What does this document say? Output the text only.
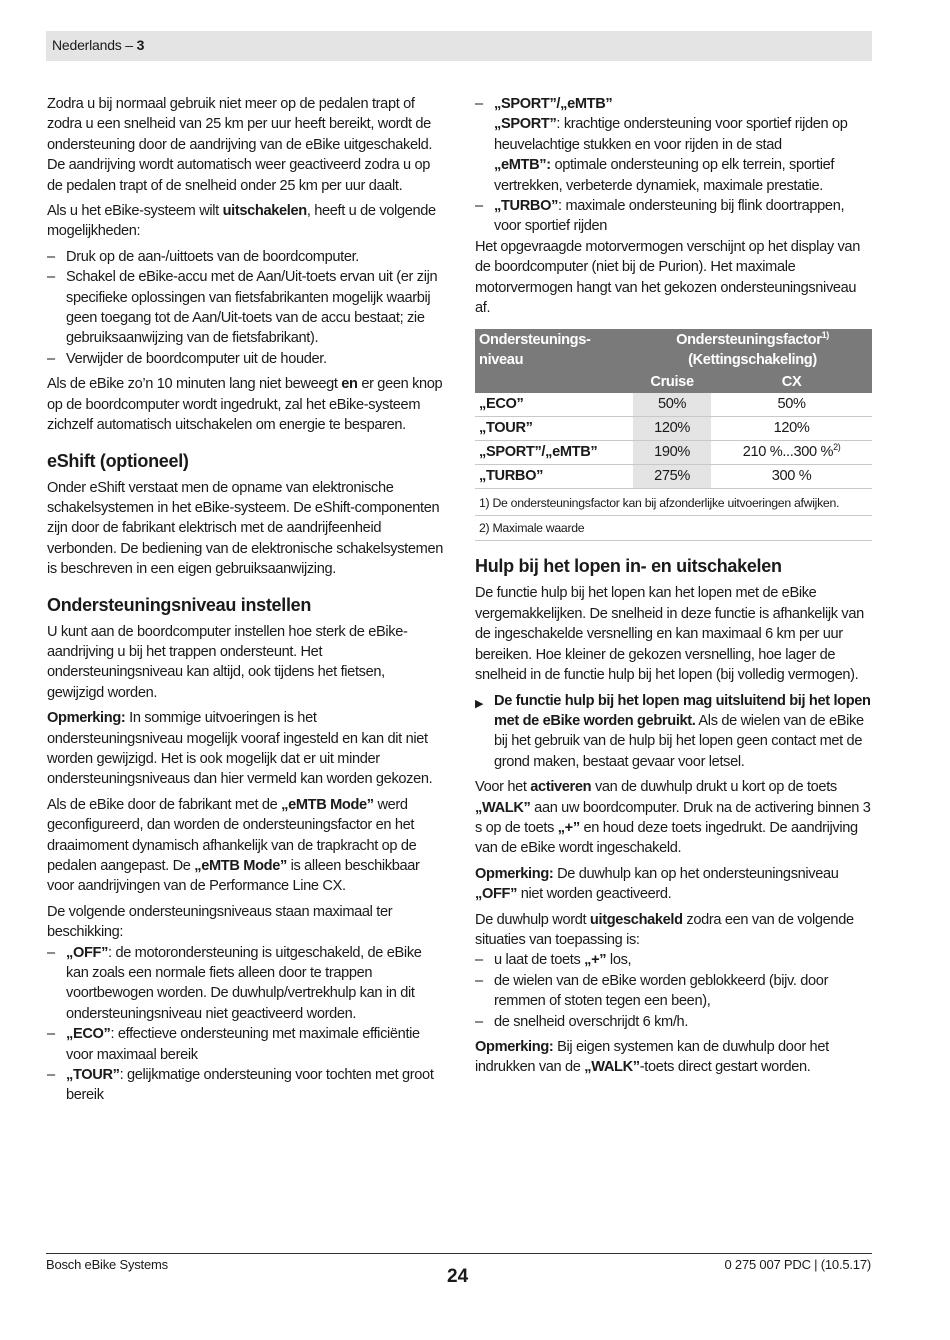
Nederlands – 3

Zodra u bij normaal gebruik niet meer op de pedalen trapt of zodra u een snelheid van 25 km per uur heeft bereikt, wordt de ondersteuning door de aandrijving van de eBike uitgeschakeld. De aandrijving wordt automatisch weer geactiveerd zodra u op de pedalen trapt of de snelheid onder 25 km per uur daalt.

Als u het eBike-systeem wilt uitschakelen, heeft u de volgende mogelijkheden:

– Druk op de aan-/uittoets van de boordcomputer.
– Schakel de eBike-accu met de Aan/Uit-toets ervan uit (er zijn specifieke oplossingen van fietsfabrikanten mogelijk waarbij geen toegang tot de Aan/Uit-toets van de accu bestaat; zie gebruiksaanwijzing van de fietsfabrikant).
– Verwijder de boordcomputer uit de houder.

Als de eBike zo’n 10 minuten lang niet beweegt en er geen knop op de boordcomputer wordt ingedrukt, zal het eBike-systeem zichzelf automatisch uitschakelen om energie te besparen.

eShift (optioneel)

Onder eShift verstaat men de opname van elektronische schakelsystemen in het eBike-systeem. De eShift-componenten zijn door de fabrikant elektrisch met de aandrijfeenheid verbonden. De bediening van de elektronische schakelsystemen is beschreven in een eigen gebruiksaanwijzing.

Ondersteuningsniveau instellen

U kunt aan de boordcomputer instellen hoe sterk de eBike-aandrijving u bij het trappen ondersteunt. Het ondersteuningsniveau kan altijd, ook tijdens het fietsen, gewijzigd worden.

Opmerking: In sommige uitvoeringen is het ondersteuningsniveau mogelijk vooraf ingesteld en kan dit niet worden gewijzigd. Het is ook mogelijk dat er uit minder ondersteuningsniveaus dan hier vermeld kan worden gekozen.

Als de eBike door de fabrikant met de „eMTB Mode” werd geconfigureerd, dan worden de ondersteuningsfactor en het draaimoment dynamisch afhankelijk van de trapkracht op de pedalen aangepast. De „eMTB Mode” is alleen beschikbaar voor aandrijvingen van de Performance Line CX.

De volgende ondersteuningsniveaus staan maximaal ter beschikking:

– „OFF”: de motorondersteuning is uitgeschakeld, de eBike kan zoals een normale fiets alleen door te trappen voortbewogen worden. De duwhulp/vertrekhulp kan in dit ondersteuningsniveau niet geactiveerd worden.
– „ECO”: effectieve ondersteuning met maximale efficiëntie voor maximaal bereik
– „TOUR”: gelijkmatige ondersteuning voor tochten met groot bereik
– „SPORT”/„eMTB”
„SPORT”: krachtige ondersteuning voor sportief rijden op heuvelachtige stukken en voor rijden in de stad
„eMTB”: optimale ondersteuning op elk terrein, sportief vertrekken, verbeterde dynamiek, maximale prestatie.
– „TURBO”: maximale ondersteuning bij flink doortrappen, voor sportief rijden

Het opgevraagde motorvermogen verschijnt op het display van de boordcomputer (niet bij de Purion). Het maximale motorvermogen hangt van het gekozen ondersteuningsniveau af.

Ondersteunings-niveau	Ondersteuningsfactor$^{1)}$
(Kettingschakeling)	
	Cruise	CX
„ECO”	50%	50%
„TOUR”	120%	120%
„SPORT”/„eMTB”	190%	210 %...300 %$^{2)}$
„TURBO”	275%	300 %
1) De ondersteuningsfactor kan bij afzonderlijke uitvoeringen afwijken.
2) Maximale waarde
Hulp bij het lopen in- en uitschakelen

De functie hulp bij het lopen kan het lopen met de eBike vergemakkelijken. De snelheid in deze functie is afhankelijk van de ingeschakelde versnelling en kan maximaal 6 km per uur bereiken. Hoe kleiner de gekozen versnelling, hoe lager de snelheid in de functie hulp bij het lopen (bij volledig vermogen).

▶ De functie hulp bij het lopen mag uitsluitend bij het lopen met de eBike worden gebruikt. Als de wielen van de eBike bij het gebruik van de hulp bij het lopen geen contact met de grond maken, bestaat gevaar voor letsel.

Voor het activeren van de duwhulp drukt u kort op de toets „WALK” aan uw boordcomputer. Druk na de activering binnen 3 s op de toets „+” en houd deze toets ingedrukt. De aandrijving van de eBike wordt ingeschakeld.

Opmerking: De duwhulp kan op het ondersteuningsniveau „OFF” niet worden geactiveerd.

De duwhulp wordt uitgeschakeld zodra een van de volgende situaties van toepassing is:

– u laat de toets „+” los,
– de wielen van de eBike worden geblokkeerd (bijv. door remmen of stoten tegen een been),
– de snelheid overschrijdt 6 km/h.

Opmerking: Bij eigen systemen kan de duwhulp door het indrukken van de „WALK”-toets direct gestart worden.

Bosch eBike Systems
24
0 275 007 PDC | (10.5.17)
